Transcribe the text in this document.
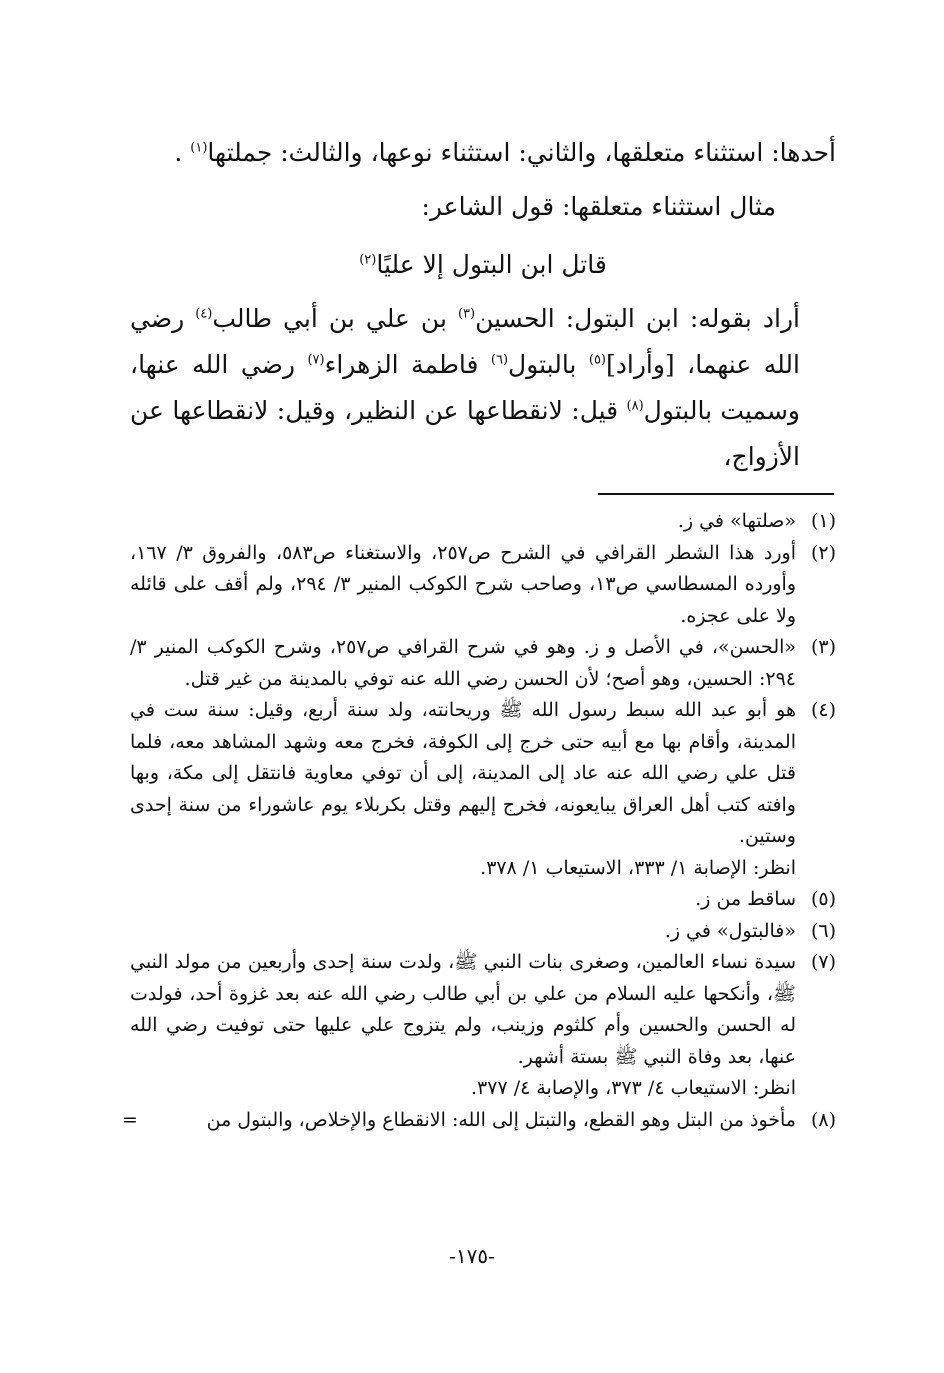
أحدها: استثناء متعلقها، والثاني: استثناء نوعها، والثالث: جملتها$^{(١)}$ .

مثال استثناء متعلقها: قول الشاعر:

قاتل ابن البتول إلا عليًا$^{(٢)}$

أراد بقوله: ابن البتول: الحسين$^{(٣)}$ بن علي بن أبي طالب$^{(٤)}$ رضي الله عنهما، [وأراد]$^{(٥)}$ بالبتول$^{(٦)}$ فاطمة الزهراء$^{(٧)}$ رضي الله عنها، وسميت بالبتول$^{(٨)}$ قيل: لانقطاعها عن النظير، وقيل: لانقطاعها عن الأزواج،

(١)
«صلتها» في ز.
(٢)
أورد هذا الشطر القرافي في الشرح ص٢٥٧، والاستغناء ص٥٨٣، والفروق ٣/ ١٦٧، وأورده المسطاسي ص١٣، وصاحب شرح الكوكب المنير ٣/ ٢٩٤، ولم أقف على قائله ولا على عجزه.
(٣)
«الحسن»، في الأصل و ز. وهو في شرح القرافي ص٢٥٧، وشرح الكوكب المنير ٣/ ٢٩٤: الحسين، وهو أصح؛ لأن الحسن رضي الله عنه توفي بالمدينة من غير قتل.
(٤)
هو أبو عبد الله سبط رسول الله ﷺ وريحانته، ولد سنة أربع، وقيل: سنة ست في المدينة، وأقام بها مع أبيه حتى خرج إلى الكوفة، فخرج معه وشهد المشاهد معه، فلما قتل علي رضي الله عنه عاد إلى المدينة، إلى أن توفي معاوية فانتقل إلى مكة، وبها وافته كتب أهل العراق يبايعونه، فخرج إليهم وقتل بكربلاء يوم عاشوراء من سنة إحدى وستين.
انظر: الإصابة ١/ ٣٣٣، الاستيعاب ١/ ٣٧٨.
(٥)
ساقط من ز.
(٦)
«فالبتول» في ز.
(٧)
سيدة نساء العالمين، وصغرى بنات النبي ﷺ، ولدت سنة إحدى وأربعين من مولد النبي ﷺ، وأنكحها عليه السلام من علي بن أبي طالب رضي الله عنه بعد غزوة أحد، فولدت له الحسن والحسين وأم كلثوم وزينب، ولم يتزوج علي عليها حتى توفيت رضي الله عنها، بعد وفاة النبي ﷺ بستة أشهر.
انظر: الاستيعاب ٤/ ٣٧٣، والإصابة ٤/ ٣٧٧.
(٨)
مأخوذ من البتل وهو القطع، والتبتل إلى الله: الانقطاع والإخلاص، والبتول من
=
-١٧٥-
